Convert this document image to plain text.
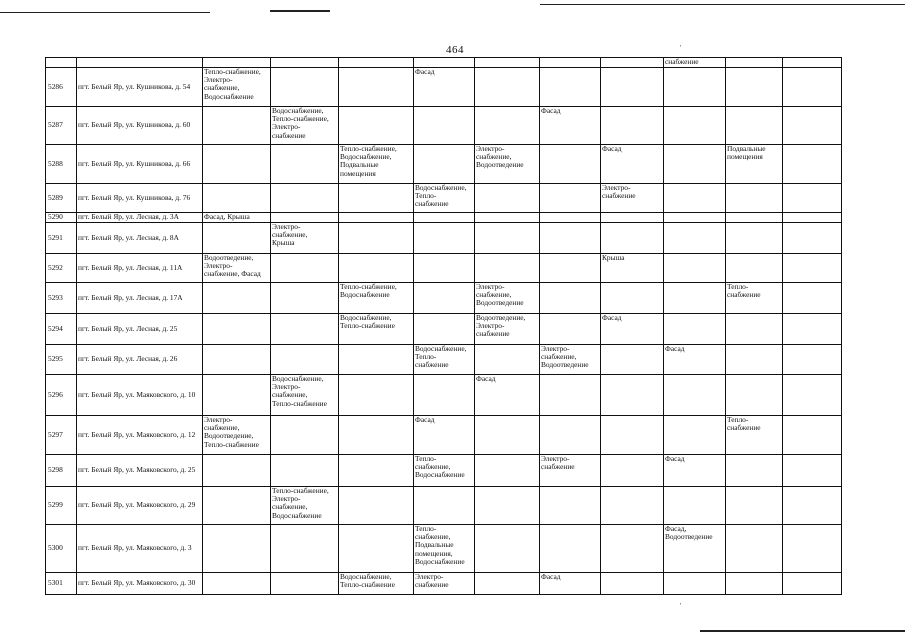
464
									снабжение		
5286	пгт. Белый Яр, ул. Кушникова, д. 54	Тепло-снабжение,
Электро-
снабжение,
Водоснабжение			Фасад						
5287	пгт. Белый Яр, ул. Кушникова, д. 60		Водоснабжение,
Тепло-снабжение,
Электро-
снабжение				Фасад				
5288	пгт. Белый Яр, ул. Кушникова, д. 66			Тепло-снабжение,
Водоснабжение,
Подвальные
помещения		Электро-
снабжение,
Водоотведение		Фасад		Подвальные
помещения	
5289	пгт. Белый Яр, ул. Кушникова, д. 76				Водоснабжение,
Тепло-
снабжение			Электро-
снабжение			
5290	пгт. Белый Яр, ул. Лесная, д. 3А	Фасад, Крыша									
5291	пгт. Белый Яр, ул. Лесная, д. 8А		Электро-
снабжение,
Крыша								
5292	пгт. Белый Яр, ул. Лесная, д. 11А	Водоотведение,
Электро-
снабжение, Фасад						Крыша			
5293	пгт. Белый Яр, ул. Лесная, д. 17А			Тепло-снабжение,
Водоснабжение		Электро-
снабжение,
Водоотведение				Тепло-
снабжение	
5294	пгт. Белый Яр, ул. Лесная, д. 25			Водоснабжение,
Тепло-снабжение		Водоотведение,
Электро-
снабжение		Фасад			
5295	пгт. Белый Яр, ул. Лесная, д. 26				Водоснабжение,
Тепло-
снабжение		Электро-
снабжение,
Водоотведение		Фасад		
5296	пгт. Белый Яр, ул. Маяковского, д. 10		Водоснабжение,
Электро-
снабжение,
Тепло-снабжение			Фасад					
5297	пгт. Белый Яр, ул. Маяковского, д. 12	Электро-
снабжение,
Водоотведение,
Тепло-снабжение			Фасад					Тепло-
снабжение	
5298	пгт. Белый Яр, ул. Маяковского, д. 25				Тепло-
снабжение,
Водоснабжение		Электро-
снабжение		Фасад		
5299	пгт. Белый Яр, ул. Маяковского, д. 29		Тепло-снабжение,
Электро-
снабжение,
Водоснабжение								
5300	пгт. Белый Яр, ул. Маяковского, д. 3				Тепло-
снабжение,
Подвальные
помещения,
Водоснабжение				Фасад,
Водоотведение		
5301	пгт. Белый Яр, ул. Маяковского, д. 30			Водоснабжение,
Тепло-снабжение	Электро-
снабжение		Фасад				
'
'
